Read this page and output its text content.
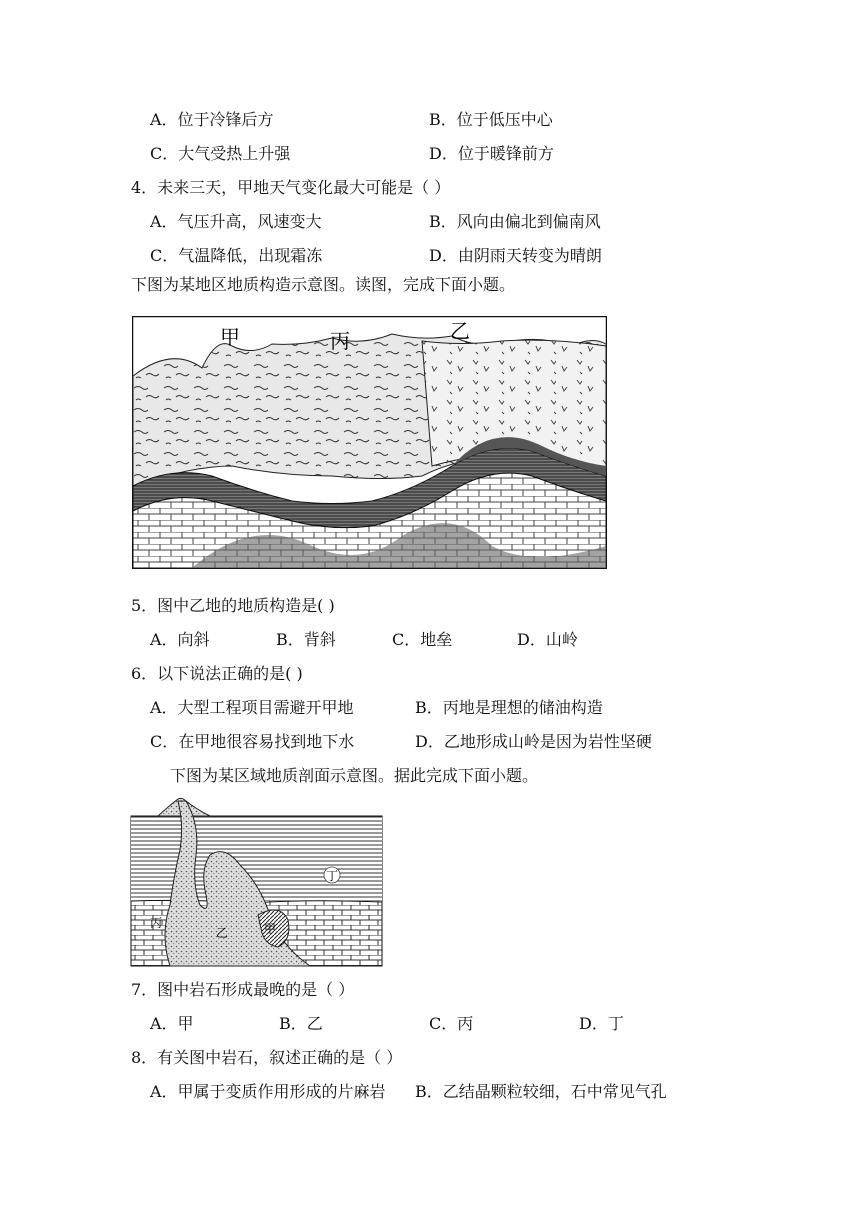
A．位于冷锋后方	B．位于低压中心
C．大气受热上升强	D．位于暖锋前方
4．未来三天，甲地天气变化最大可能是（ ）
A．气压升高，风速变大	B．风向由偏北到偏南风
C．气温降低，出现霜冻	D．由阴雨天转变为晴朗
下图为某地区地质构造示意图。读图，完成下面小题。
甲	丙	乙
5．图中乙地的地质构造是( )
A．向斜	B．背斜	C．地垒	D．山岭
6．以下说法正确的是( )
A．大型工程项目需避开甲地	B．丙地是理想的储油构造
C．在甲地很容易找到地下水	D．乙地形成山岭是因为岩性坚硬
下图为某区域地质剖面示意图。据此完成下面小题。
丁
丙
乙	甲
7．图中岩石形成最晚的是（ ）
A．甲	B．乙	C．丙	D．丁
8．有关图中岩石，叙述正确的是（ ）
A．甲属于变质作用形成的片麻岩 B．乙结晶颗粒较细，石中常见气孔
